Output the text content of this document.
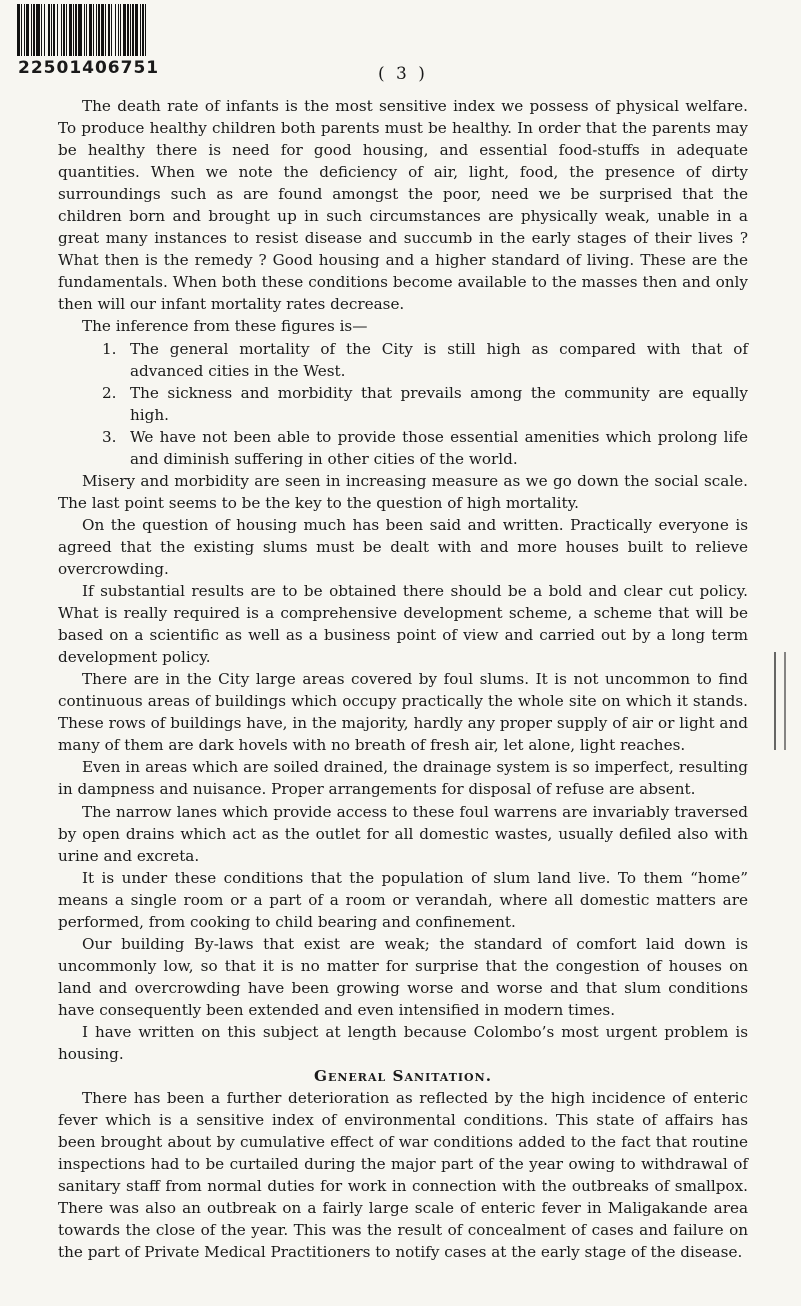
22501406751	( 3 )

The death rate of infants is the most sensitive index we possess of physical welfare. To produce healthy children both parents must be healthy. In order that the parents may be healthy there is need for good housing, and essential food-stuffs in adequate quantities. When we note the deficiency of air, light, food, the presence of dirty surroundings such as are found amongst the poor, need we be surprised that the children born and brought up in such circumstances are physically weak, unable in a great many instances to resist disease and succumb in the early stages of their lives ? What then is the remedy ? Good housing and a higher standard of living. These are the fundamentals. When both these conditions become available to the masses then and only then will our infant mortality rates decrease.

The inference from these figures is—

1. The general mortality of the City is still high as compared with that of advanced cities in the West.
2. The sickness and morbidity that prevails among the community are equally high.
3. We have not been able to provide those essential amenities which prolong life and diminish suffering in other cities of the world.

Misery and morbidity are seen in increasing measure as we go down the social scale. The last point seems to be the key to the question of high mortality.

On the question of housing much has been said and written. Practically everyone is agreed that the existing slums must be dealt with and more houses built to relieve overcrowding.

If substantial results are to be obtained there should be a bold and clear cut policy. What is really required is a comprehensive development scheme, a scheme that will be based on a scientific as well as a business point of view and carried out by a long term development policy.

There are in the City large areas covered by foul slums. It is not uncommon to find continuous areas of buildings which occupy practically the whole site on which it stands. These rows of buildings have, in the majority, hardly any proper supply of air or light and many of them are dark hovels with no breath of fresh air, let alone, light reaches.

Even in areas which are soiled drained, the drainage system is so imperfect, resulting in dampness and nuisance. Proper arrangements for disposal of refuse are absent.

The narrow lanes which provide access to these foul warrens are invariably traversed by open drains which act as the outlet for all domestic wastes, usually defiled also with urine and excreta.

It is under these conditions that the population of slum land live. To them “home” means a single room or a part of a room or verandah, where all domestic matters are performed, from cooking to child bearing and confinement.

Our building By-laws that exist are weak; the standard of comfort laid down is uncommonly low, so that it is no matter for surprise that the congestion of houses on land and overcrowding have been growing worse and worse and that slum conditions have consequently been extended and even intensified in modern times.

I have written on this subject at length because Colombo’s most urgent problem is housing.

General Sanitation.

There has been a further deterioration as reflected by the high incidence of enteric fever which is a sensitive index of environmental conditions. This state of affairs has been brought about by cumulative effect of war conditions added to the fact that routine inspections had to be curtailed during the major part of the year owing to withdrawal of sanitary staff from normal duties for work in connection with the outbreaks of smallpox. There was also an outbreak on a fairly large scale of enteric fever in Maligakande area towards the close of the year. This was the result of concealment of cases and failure on the part of Private Medical Practitioners to notify cases at the early stage of the disease.
